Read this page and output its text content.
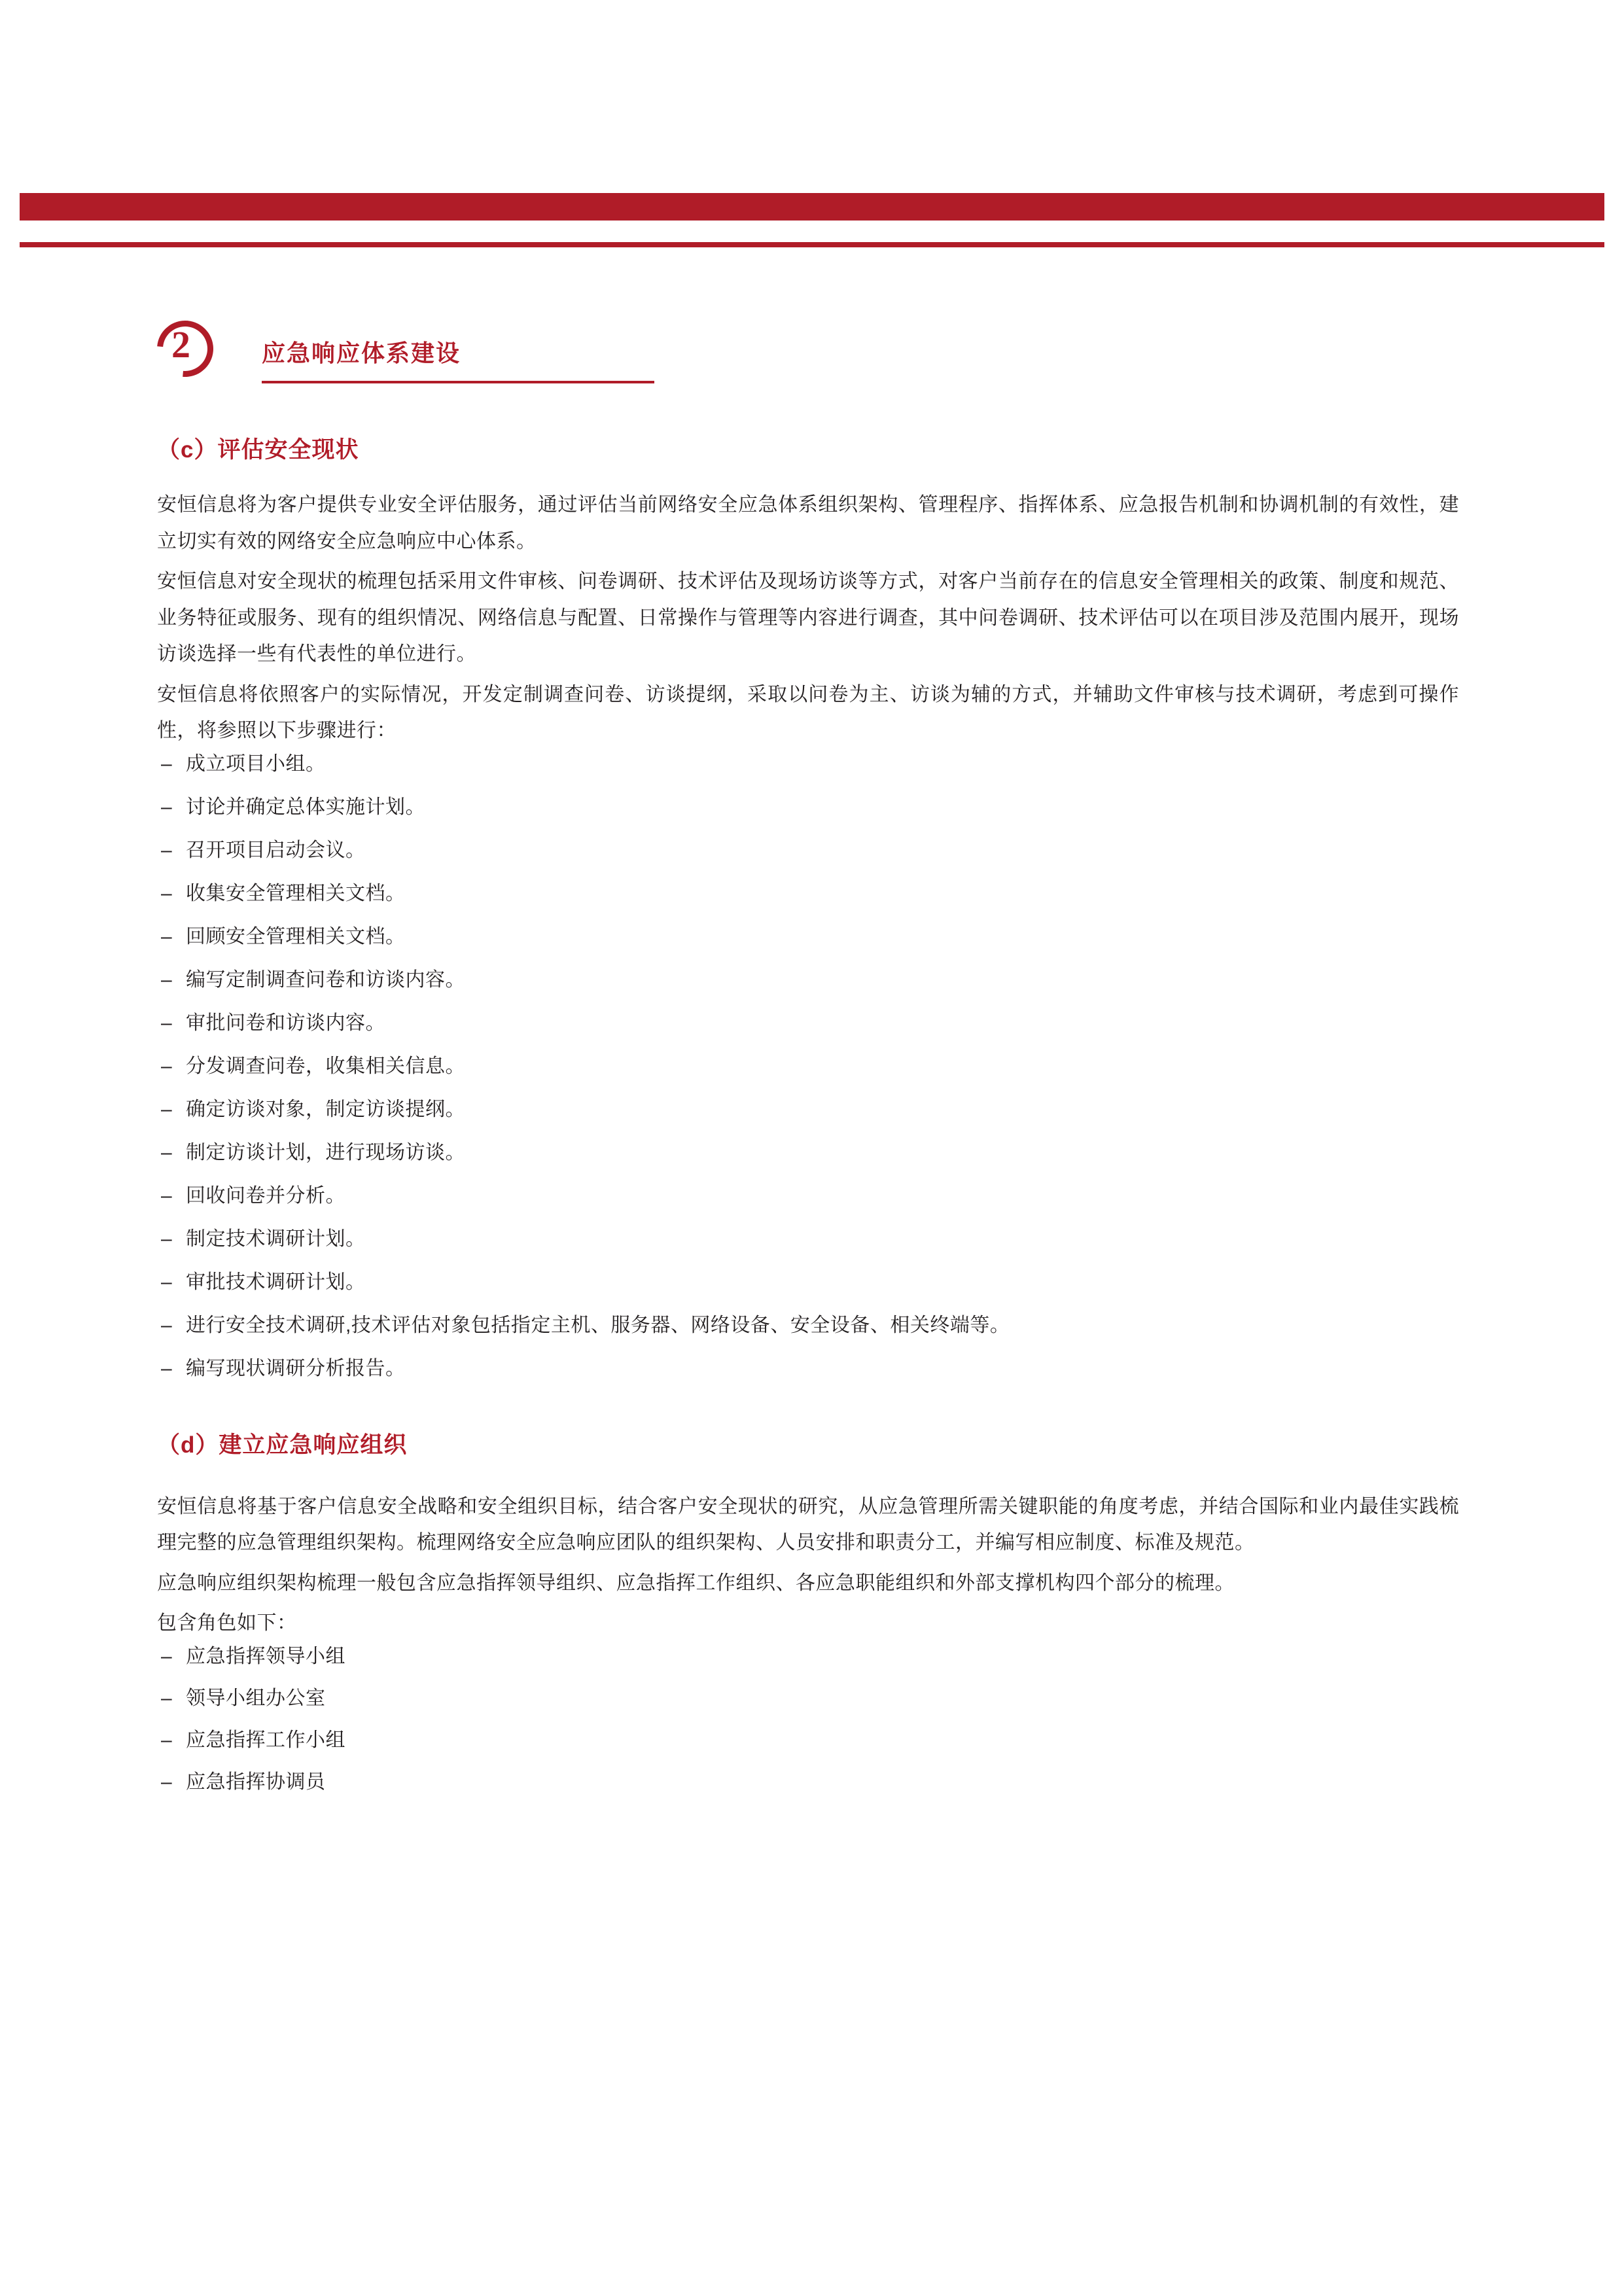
2	应急响应体系建设
（c）评估安全现状

安恒信息将为客户提供专业安全评估服务，通过评估当前网络安全应急体系组织架构、管理程序、指挥体系、应急报告机制和协调机制的有效性，建立切实有效的网络安全应急响应中心体系。

安恒信息对安全现状的梳理包括采用文件审核、问卷调研、技术评估及现场访谈等方式，对客户当前存在的信息安全管理相关的政策、制度和规范、业务特征或服务、现有的组织情况、网络信息与配置、日常操作与管理等内容进行调查，其中问卷调研、技术评估可以在项目涉及范围内展开，现场访谈选择一些有代表性的单位进行。

安恒信息将依照客户的实际情况，开发定制调查问卷、访谈提纲，采取以问卷为主、访谈为辅的方式，并辅助文件审核与技术调研，考虑到可操作性，将参照以下步骤进行：

– 成立项目小组。
– 讨论并确定总体实施计划。
– 召开项目启动会议。
– 收集安全管理相关文档。
– 回顾安全管理相关文档。
– 编写定制调查问卷和访谈内容。
– 审批问卷和访谈内容。
– 分发调查问卷，收集相关信息。
– 确定访谈对象，制定访谈提纲。
– 制定访谈计划，进行现场访谈。
– 回收问卷并分析。
– 制定技术调研计划。
– 审批技术调研计划。
– 进行安全技术调研,技术评估对象包括指定主机、服务器、网络设备、安全设备、相关终端等。
– 编写现状调研分析报告。
（d）建立应急响应组织

安恒信息将基于客户信息安全战略和安全组织目标，结合客户安全现状的研究，从应急管理所需关键职能的角度考虑，并结合国际和业内最佳实践梳理完整的应急管理组织架构。梳理网络安全应急响应团队的组织架构、人员安排和职责分工，并编写相应制度、标准及规范。

应急响应组织架构梳理一般包含应急指挥领导组织、应急指挥工作组织、各应急职能组织和外部支撑机构四个部分的梳理。

包含角色如下：

– 应急指挥领导小组
– 领导小组办公室
– 应急指挥工作小组
– 应急指挥协调员
